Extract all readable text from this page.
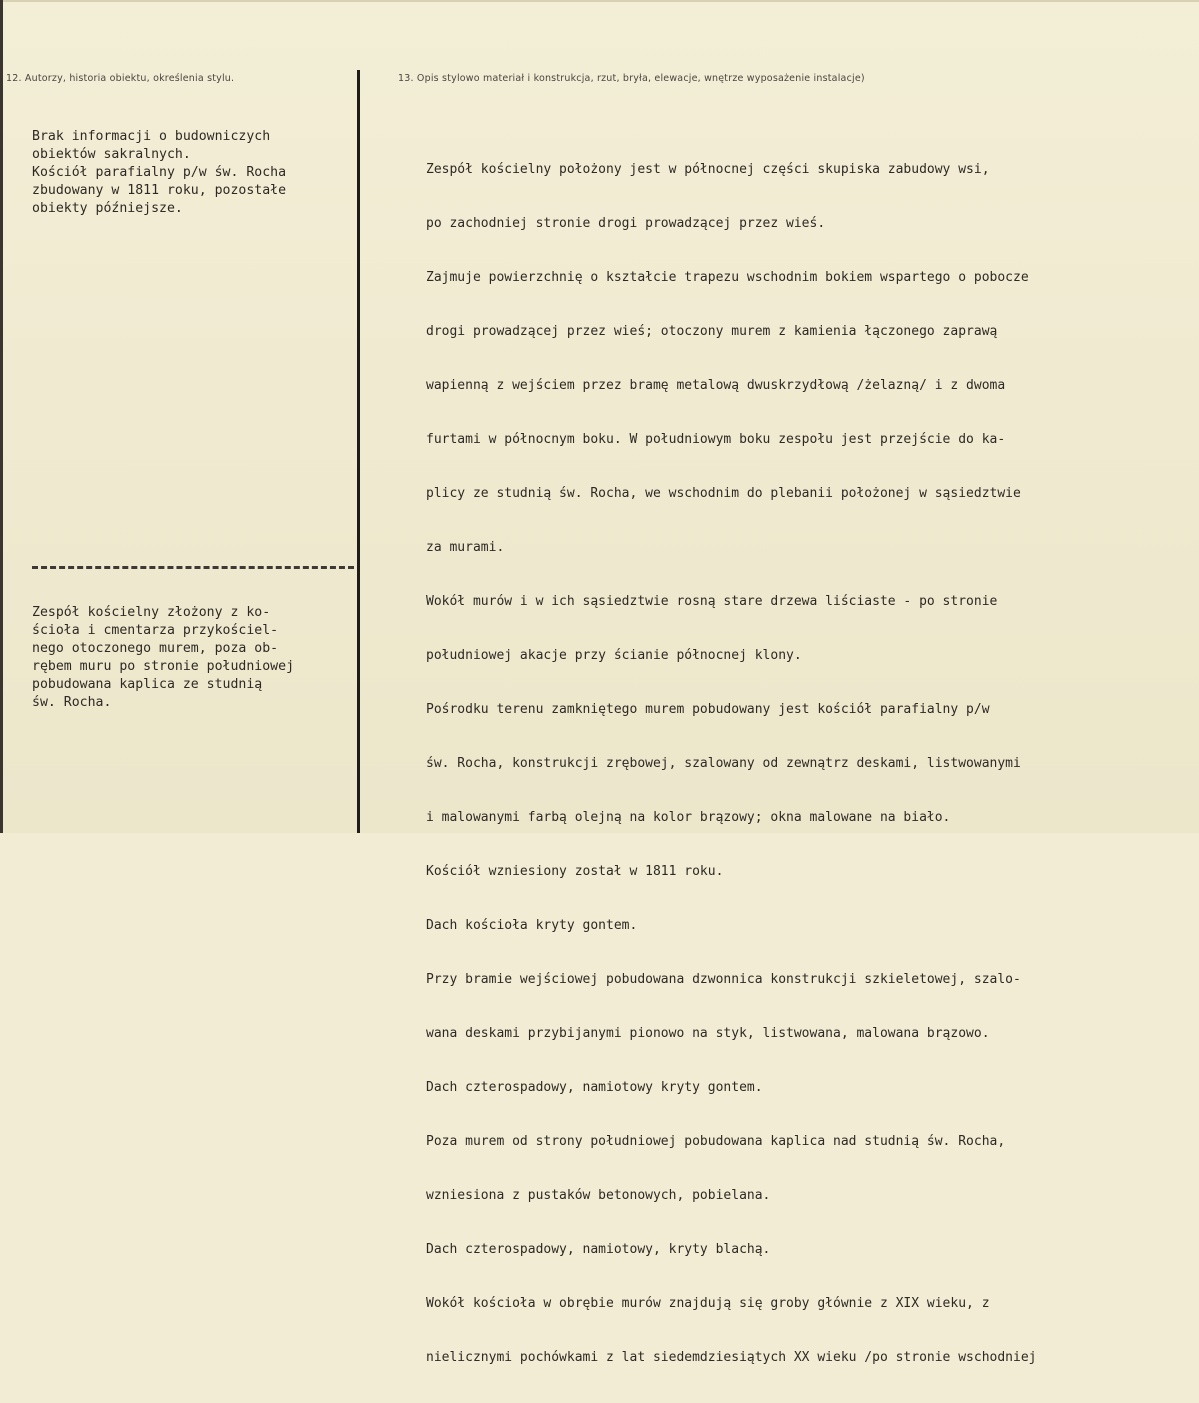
12. Autorzy, historia obiektu, określenia stylu.	13. Opis stylowo materiał i konstrukcja, rzut, bryła, elewacje, wnętrze wyposażenie instalacje)
Brak informacji o budowniczych
obiektów sakralnych.
Kościół parafialny p/w św. Rocha
zbudowany w 1811 roku, pozostałe
obiekty późniejsze.
Zespół kościelny złożony z ko-
ścioła i cmentarza przykościel-
nego otoczonego murem, poza ob-
rębem muru po stronie południowej
pobudowana kaplica ze studnią
św. Rocha.

Zespół kościelny położony jest w północnej części skupiska zabudowy wsi,

po zachodniej stronie drogi prowadzącej przez wieś.

Zajmuje powierzchnię o kształcie trapezu wschodnim bokiem wspartego o pobocze

drogi prowadzącej przez wieś; otoczony murem z kamienia łączonego zaprawą

wapienną z wejściem przez bramę metalową dwuskrzydłową /żelazną/ i z dwoma

furtami w północnym boku. W południowym boku zespołu jest przejście do ka-

plicy ze studnią św. Rocha, we wschodnim do plebanii położonej w sąsiedztwie

za murami.

Wokół murów i w ich sąsiedztwie rosną stare drzewa liściaste - po stronie

południowej akacje przy ścianie północnej klony.

Pośrodku terenu zamkniętego murem pobudowany jest kościół parafialny p/w

św. Rocha, konstrukcji zrębowej, szalowany od zewnątrz deskami, listwowanymi

i malowanymi farbą olejną na kolor brązowy; okna malowane na biało.

Kościół wzniesiony został w 1811 roku.

Dach kościoła kryty gontem.

Przy bramie wejściowej pobudowana dzwonnica konstrukcji szkieletowej, szalo-

wana deskami przybijanymi pionowo na styk, listwowana, malowana brązowo.

Dach czterospadowy, namiotowy kryty gontem.

Poza murem od strony południowej pobudowana kaplica nad studnią św. Rocha,

wzniesiona z pustaków betonowych, pobielana.

Dach czterospadowy, namiotowy, kryty blachą.

Wokół kościoła w obrębie murów znajdują się groby głównie z XIX wieku, z

nielicznymi pochówkami z lat siedemdziesiątych XX wieku /po stronie wschodniej
